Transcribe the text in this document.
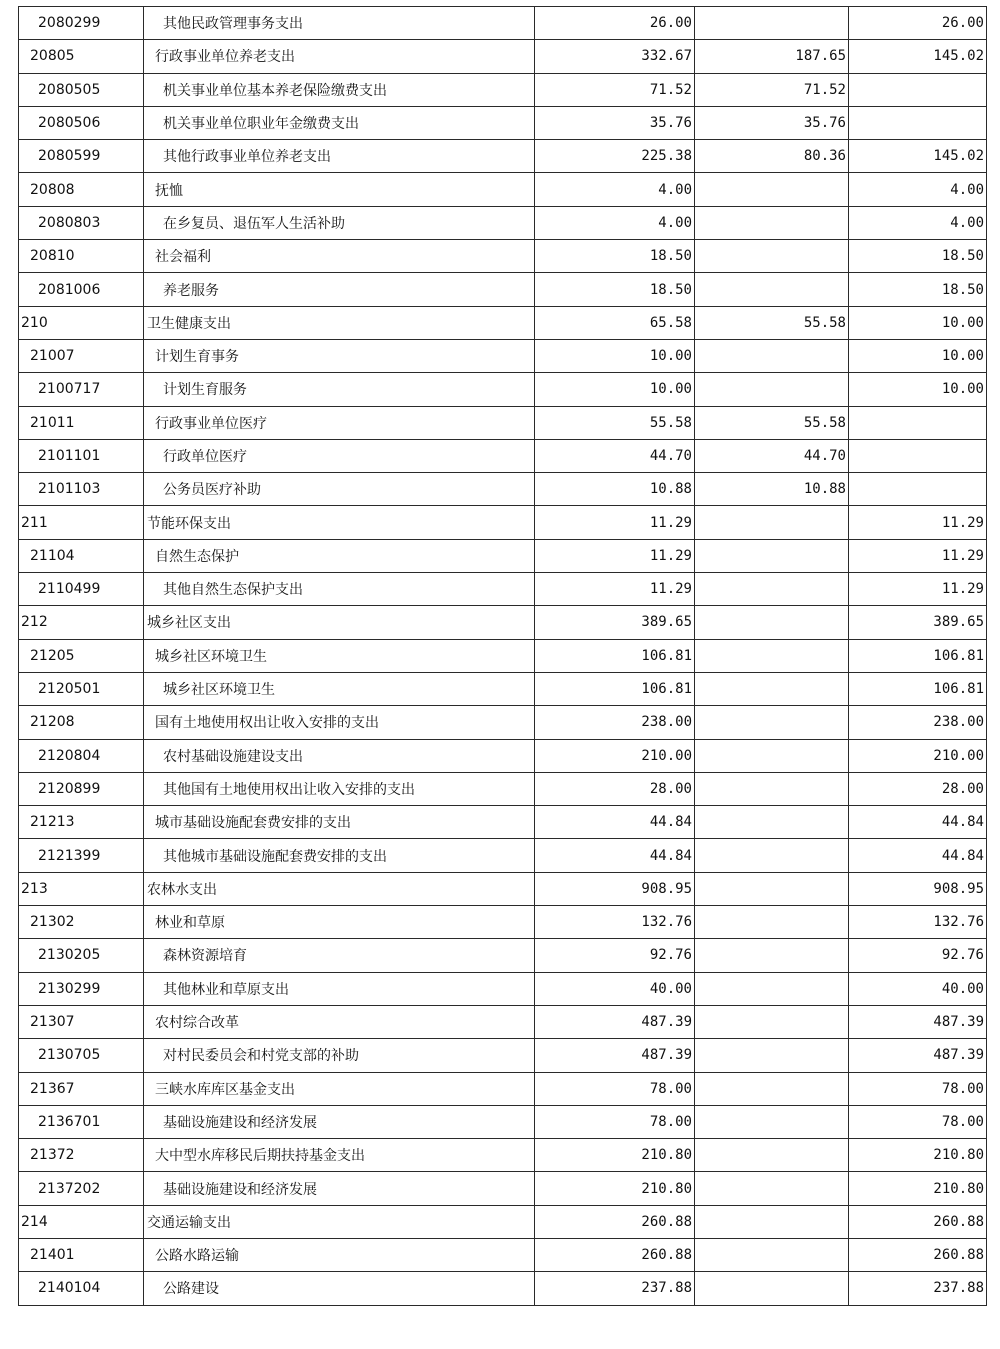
2080299	其他民政管理事务支出	26.00		26.00
20805	行政事业单位养老支出	332.67	187.65	145.02
2080505	机关事业单位基本养老保险缴费支出	71.52	71.52	
2080506	机关事业单位职业年金缴费支出	35.76	35.76	
2080599	其他行政事业单位养老支出	225.38	80.36	145.02
20808	抚恤	4.00		4.00
2080803	在乡复员、退伍军人生活补助	4.00		4.00
20810	社会福利	18.50		18.50
2081006	养老服务	18.50		18.50
210	卫生健康支出	65.58	55.58	10.00
21007	计划生育事务	10.00		10.00
2100717	计划生育服务	10.00		10.00
21011	行政事业单位医疗	55.58	55.58	
2101101	行政单位医疗	44.70	44.70	
2101103	公务员医疗补助	10.88	10.88	
211	节能环保支出	11.29		11.29
21104	自然生态保护	11.29		11.29
2110499	其他自然生态保护支出	11.29		11.29
212	城乡社区支出	389.65		389.65
21205	城乡社区环境卫生	106.81		106.81
2120501	城乡社区环境卫生	106.81		106.81
21208	国有土地使用权出让收入安排的支出	238.00		238.00
2120804	农村基础设施建设支出	210.00		210.00
2120899	其他国有土地使用权出让收入安排的支出	28.00		28.00
21213	城市基础设施配套费安排的支出	44.84		44.84
2121399	其他城市基础设施配套费安排的支出	44.84		44.84
213	农林水支出	908.95		908.95
21302	林业和草原	132.76		132.76
2130205	森林资源培育	92.76		92.76
2130299	其他林业和草原支出	40.00		40.00
21307	农村综合改革	487.39		487.39
2130705	对村民委员会和村党支部的补助	487.39		487.39
21367	三峡水库库区基金支出	78.00		78.00
2136701	基础设施建设和经济发展	78.00		78.00
21372	大中型水库移民后期扶持基金支出	210.80		210.80
2137202	基础设施建设和经济发展	210.80		210.80
214	交通运输支出	260.88		260.88
21401	公路水路运输	260.88		260.88
2140104	公路建设	237.88		237.88
